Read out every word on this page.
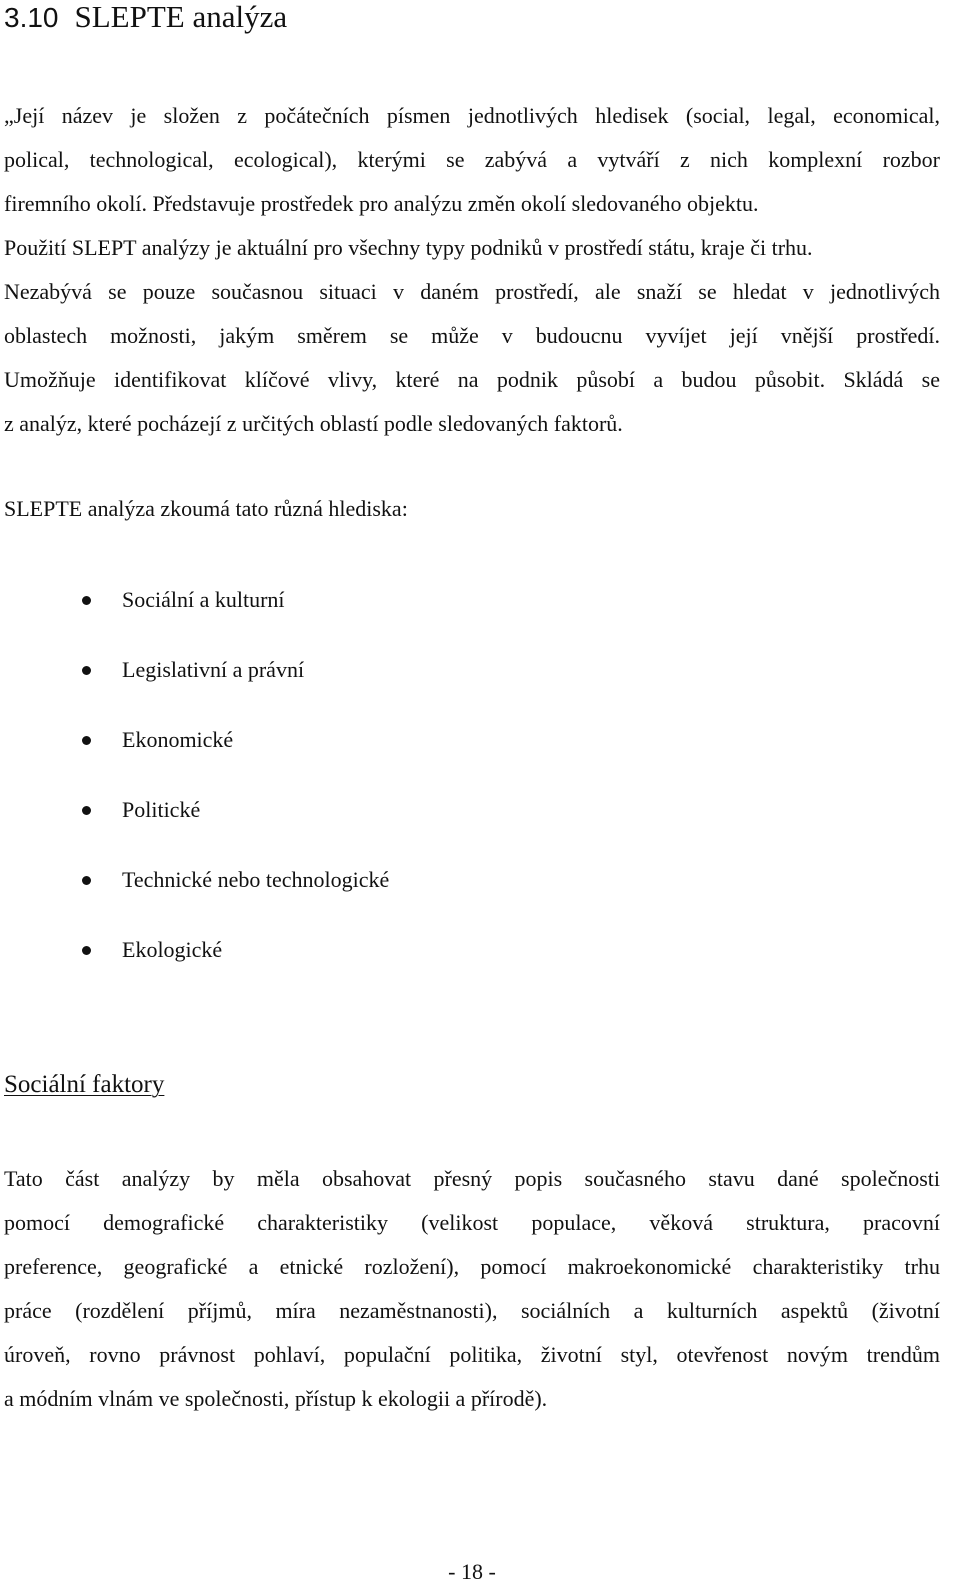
3.10 SLEPTE analýza
„Její název je složen z počátečních písmen jednotlivých hledisek (social, legal, economical,
polical, technological, ecological), kterými se zabývá a vytváří z nich komplexní rozbor
firemního okolí. Představuje prostředek pro analýzu změn okolí sledovaného objektu.
Použití SLEPT analýzy je aktuální pro všechny typy podniků v prostředí státu, kraje či trhu.
Nezabývá se pouze současnou situaci v daném prostředí, ale snaží se hledat v jednotlivých
oblastech možnosti, jakým směrem se může v budoucnu vyvíjet její vnější prostředí.
Umožňuje identifikovat klíčové vlivy, které na podnik působí a budou působit. Skládá se
z analýz, které pocházejí z určitých oblastí podle sledovaných faktorů.

SLEPTE analýza zkoumá tato různá hlediska:

Sociální a kulturní
Legislativní a právní
Ekonomické
Politické
Technické nebo technologické
Ekologické
Sociální faktory
Tato část analýzy by měla obsahovat přesný popis současného stavu dané společnosti
pomocí demografické charakteristiky (velikost populace, věková struktura, pracovní
preference, geografické a etnické rozložení), pomocí makroekonomické charakteristiky trhu
práce (rozdělení příjmů, míra nezaměstnanosti), sociálních a kulturních aspektů (životní
úroveň, rovno právnost pohlaví, populační politika, životní styl, otevřenost novým trendům
a módním vlnám ve společnosti, přístup k ekologii a přírodě).
- 18 -
